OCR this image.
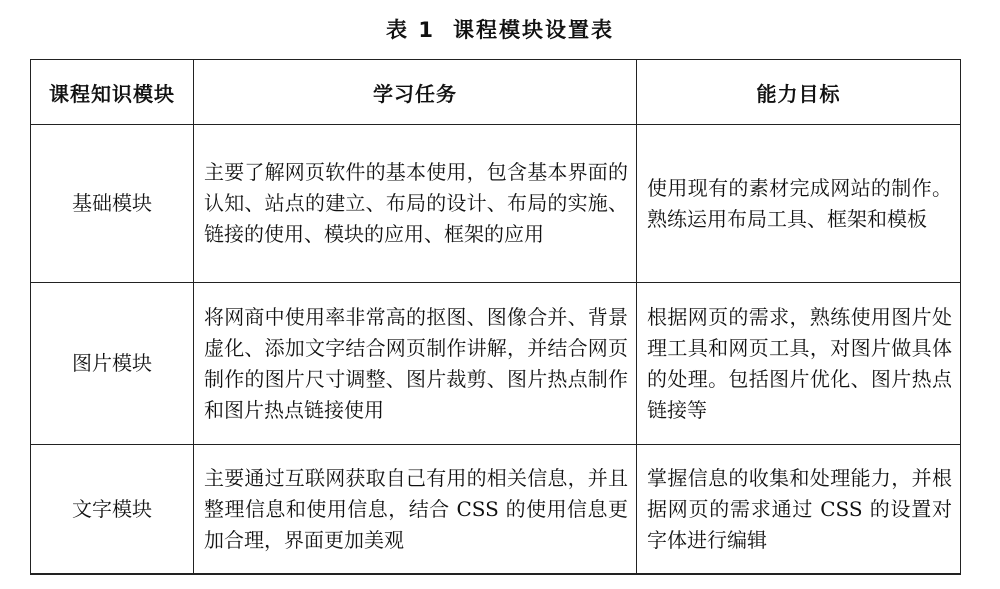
表 1 课程模块设置表
课程知识模块	学习任务	能力目标
基础模块	主要了解网页软件的基本使用，包含基本界面的认知、站点的建立、布局的设计、布局的实施、链接的使用、模块的应用、框架的应用	使用现有的素材完成网站的制作。熟练运用布局工具、框架和模板
图片模块	将网商中使用率非常高的抠图、图像合并、背景虚化、添加文字结合网页制作讲解，并结合网页制作的图片尺寸调整、图片裁剪、图片热点制作和图片热点链接使用	根据网页的需求，熟练使用图片处理工具和网页工具，对图片做具体的处理。包括图片优化、图片热点链接等
文字模块	主要通过互联网获取自己有用的相关信息，并且整理信息和使用信息，结合 CSS 的使用信息更加合理，界面更加美观	掌握信息的收集和处理能力，并根据网页的需求通过 CSS 的设置对字体进行编辑
